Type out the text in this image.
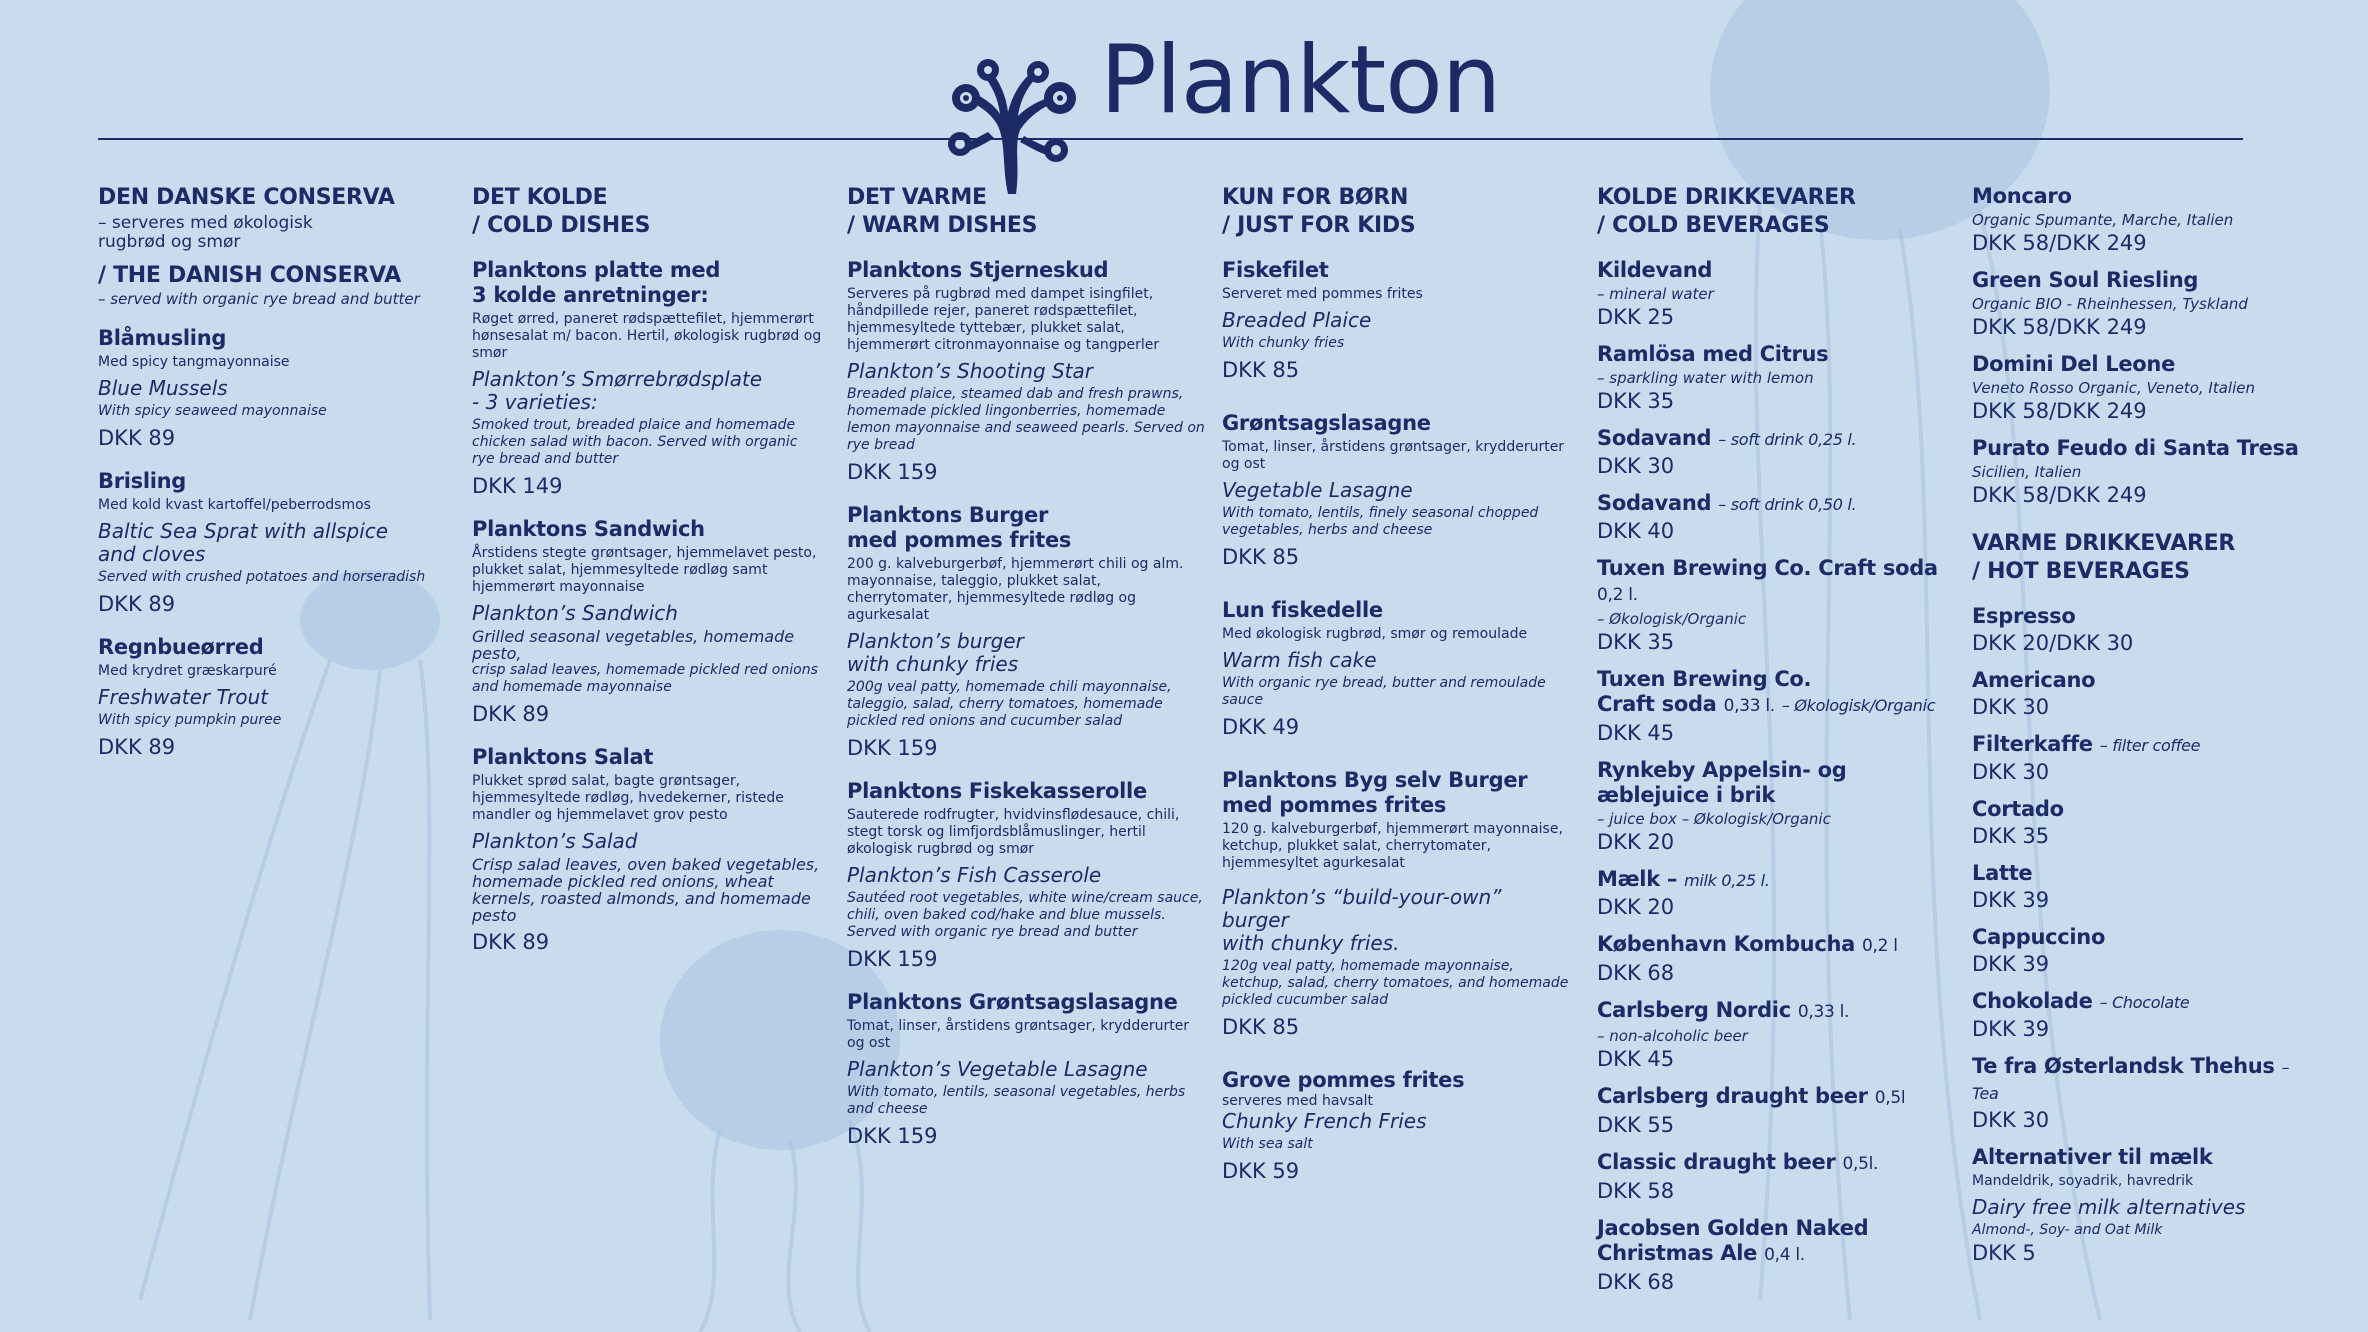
Plankton
DEN DANSKE CONSERVA
– serveres med økologisk
rugbrød og smør
/ THE DANISH CONSERVA
– served with organic rye bread and butter
Blåmusling
Med spicy tangmayonnaise
Blue Mussels
With spicy seaweed mayonnaise
DKK 89
Brisling
Med kold kvast kartoffel/peberrodsmos
Baltic Sea Sprat with allspice and cloves
Served with crushed potatoes and horseradish
DKK 89
Regnbueørred
Med krydret græskarpuré
Freshwater Trout
With spicy pumpkin puree
DKK 89
DET KOLDE
/ COLD DISHES
Planktons platte med
3 kolde anretninger:
Røget ørred, paneret rødspættefilet, hjemmerørt hønsesalat m/ bacon. Hertil, økologisk rugbrød og smør
Plankton’s Smørrebrødsplate
- 3 varieties:
Smoked trout, breaded plaice and homemade chicken salad with bacon. Served with organic rye bread and butter
DKK 149
Planktons Sandwich
Årstidens stegte grøntsager, hjemmelavet pesto, plukket salat, hjemmesyltede rødløg samt hjemmerørt mayonnaise
Plankton’s Sandwich
Grilled seasonal vegetables, homemade pesto,
crisp salad leaves, homemade pickled red onions and homemade mayonnaise
DKK 89
Planktons Salat
Plukket sprød salat, bagte grøntsager, hjemmesyltede rødløg, hvedekerner, ristede mandler og hjemmelavet grov pesto
Plankton’s Salad
Crisp salad leaves, oven baked vegetables, homemade pickled red onions, wheat kernels, roasted almonds, and homemade pesto
DKK 89
DET VARME
/ WARM DISHES
Planktons Stjerneskud
Serveres på rugbrød med dampet isingfilet, håndpillede rejer, paneret rødspættefilet, hjemmesyltede tyttebær, plukket salat, hjemmerørt citronmayonnaise og tangperler
Plankton’s Shooting Star
Breaded plaice, steamed dab and fresh prawns, homemade pickled lingonberries, homemade lemon mayonnaise and seaweed pearls. Served on rye bread
DKK 159
Planktons Burger
med pommes frites
200 g. kalveburgerbøf, hjemmerørt chili og alm. mayonnaise, taleggio, plukket salat, cherrytomater, hjemmesyltede rødløg og agurkesalat
Plankton’s burger
with chunky fries
200g veal patty, homemade chili mayonnaise, taleggio, salad, cherry tomatoes, homemade pickled red onions and cucumber salad
DKK 159
Planktons Fiskekasserolle
Sauterede rodfrugter, hvidvinsflødesauce, chili, stegt torsk og limfjordsblåmuslinger, hertil økologisk rugbrød og smør
Plankton’s Fish Casserole
Sautéed root vegetables, white wine/cream sauce, chili, oven baked cod/hake and blue mussels. Served with organic rye bread and butter
DKK 159
Planktons Grøntsagslasagne
Tomat, linser, årstidens grøntsager, krydderurter og ost
Plankton’s Vegetable Lasagne
With tomato, lentils, seasonal vegetables, herbs and cheese
DKK 159
KUN FOR BØRN
/ JUST FOR KIDS
Fiskefilet
Serveret med pommes frites
Breaded Plaice
With chunky fries
DKK 85
Grøntsagslasagne
Tomat, linser, årstidens grøntsager, krydderurter og ost
Vegetable Lasagne
With tomato, lentils, finely seasonal chopped vegetables, herbs and cheese
DKK 85
Lun fiskedelle
Med økologisk rugbrød, smør og remoulade
Warm fish cake
With organic rye bread, butter and remoulade sauce
DKK 49
Planktons Byg selv Burger
med pommes frites
120 g. kalveburgerbøf, hjemmerørt mayonnaise, ketchup, plukket salat, cherrytomater, hjemmesyltet agurkesalat
Plankton’s “build-your-own” burger
with chunky fries.
120g veal patty, homemade mayonnaise, ketchup, salad, cherry tomatoes, and homemade pickled cucumber salad
DKK 85
Grove pommes frites
serveres med havsalt
Chunky French Fries
With sea salt
DKK 59
KOLDE DRIKKEVARER
/ COLD BEVERAGES
Kildevand
– mineral water
DKK 25
Ramlösa med Citrus
– sparkling water with lemon
DKK 35
Sodavand – soft drink 0,25 l.
DKK 30
Sodavand – soft drink 0,50 l.
DKK 40
Tuxen Brewing Co. Craft soda 0,2 l.
– Økologisk/Organic
DKK 35
Tuxen Brewing Co.
Craft soda 0,33 l. – Økologisk/Organic
DKK 45
Rynkeby Appelsin- og
æblejuice i brik
– juice box – Økologisk/Organic
DKK 20
Mælk – milk 0,25 l.
DKK 20
København Kombucha 0,2 l
DKK 68
Carlsberg Nordic 0,33 l.
– non-alcoholic beer
DKK 45
Carlsberg draught beer 0,5l
DKK 55
Classic draught beer 0,5l.
DKK 58
Jacobsen Golden Naked
Christmas Ale 0,4 l.
DKK 68
Moncaro
Organic Spumante, Marche, Italien
DKK 58/DKK 249
Green Soul Riesling
Organic BIO - Rheinhessen, Tyskland
DKK 58/DKK 249
Domini Del Leone
Veneto Rosso Organic, Veneto, Italien
DKK 58/DKK 249
Purato Feudo di Santa Tresa
Sicilien, Italien
DKK 58/DKK 249
VARME DRIKKEVARER
/ HOT BEVERAGES
Espresso
DKK 20/DKK 30
Americano
DKK 30
Filterkaffe – filter coffee
DKK 30
Cortado
DKK 35
Latte
DKK 39
Cappuccino
DKK 39
Chokolade – Chocolate
DKK 39
Te fra Østerlandsk Thehus – Tea
DKK 30
Alternativer til mælk
Mandeldrik, soyadrik, havredrik
Dairy free milk alternatives
Almond-, Soy- and Oat Milk
DKK 5
